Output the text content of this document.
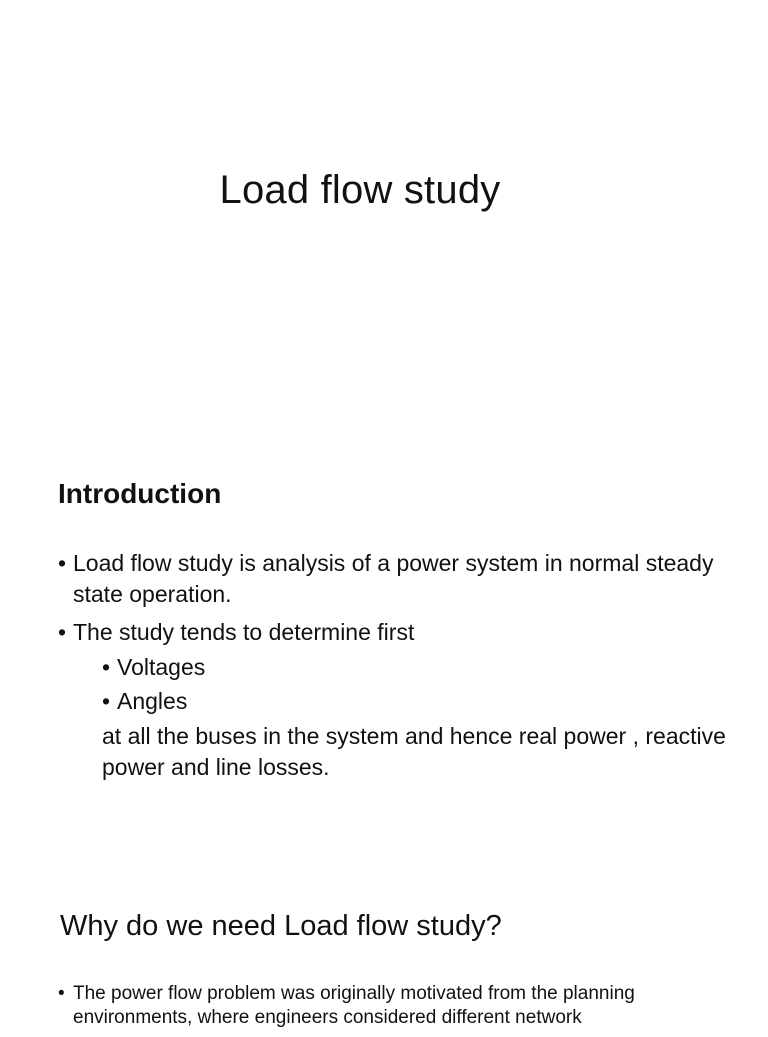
Load flow study
Introduction
• Load flow study is analysis of a power system in normal steady state operation.
• The study tends to determine first
• Voltages
• Angles
at all the buses in the system and hence real power , reactive power and line losses.
Why do we need Load flow study?
• The power flow problem was originally motivated from the planning environments, where engineers considered different network
